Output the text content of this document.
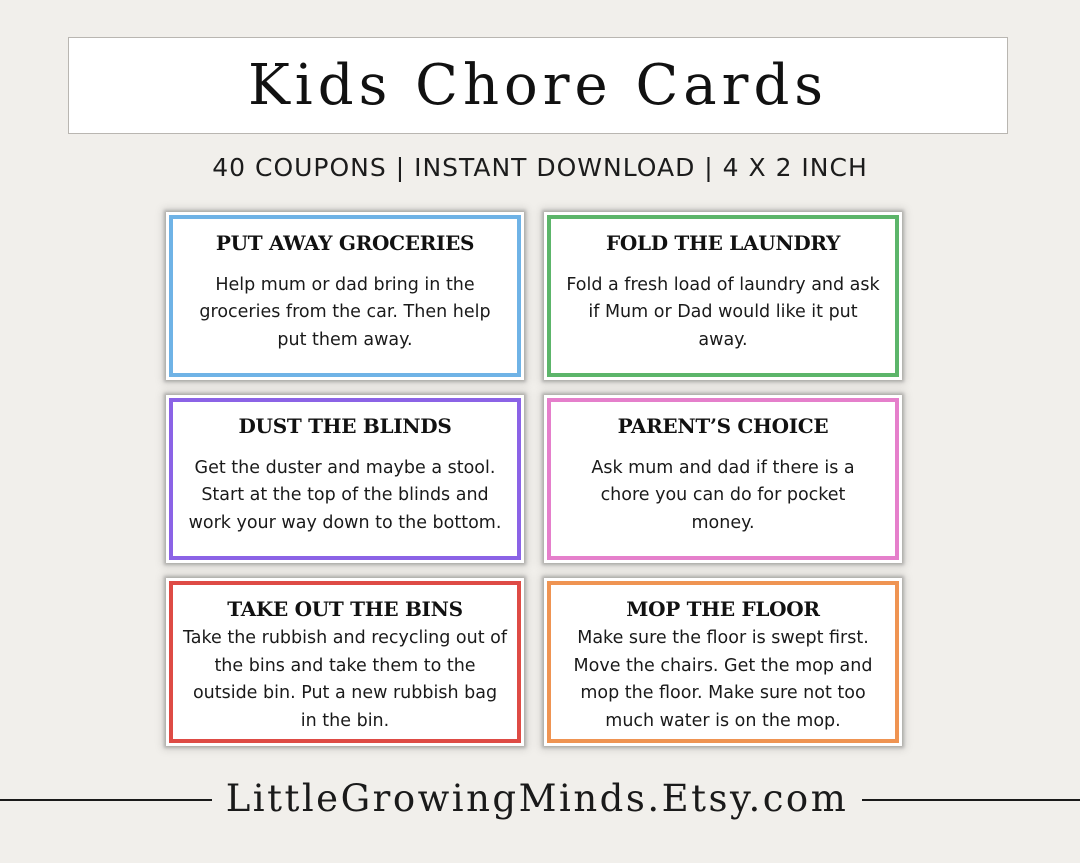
Kids Chore Cards
40 COUPONS | INSTANT DOWNLOAD | 4 X 2 INCH
PUT AWAY GROCERIES
Help mum or dad bring in the groceries from the car. Then help put them away.
FOLD THE LAUNDRY
Fold a fresh load of laundry and ask if Mum or Dad would like it put away.
DUST THE BLINDS
Get the duster and maybe a stool. Start at the top of the blinds and work your way down to the bottom.
PARENT’S CHOICE
Ask mum and dad if there is a chore you can do for pocket money.
TAKE OUT THE BINS
Take the rubbish and recycling out of the bins and take them to the outside bin. Put a new rubbish bag in the bin.
MOP THE FLOOR
Make sure the floor is swept first. Move the chairs. Get the mop and mop the floor. Make sure not too much water is on the mop.
LittleGrowingMinds.Etsy.com
